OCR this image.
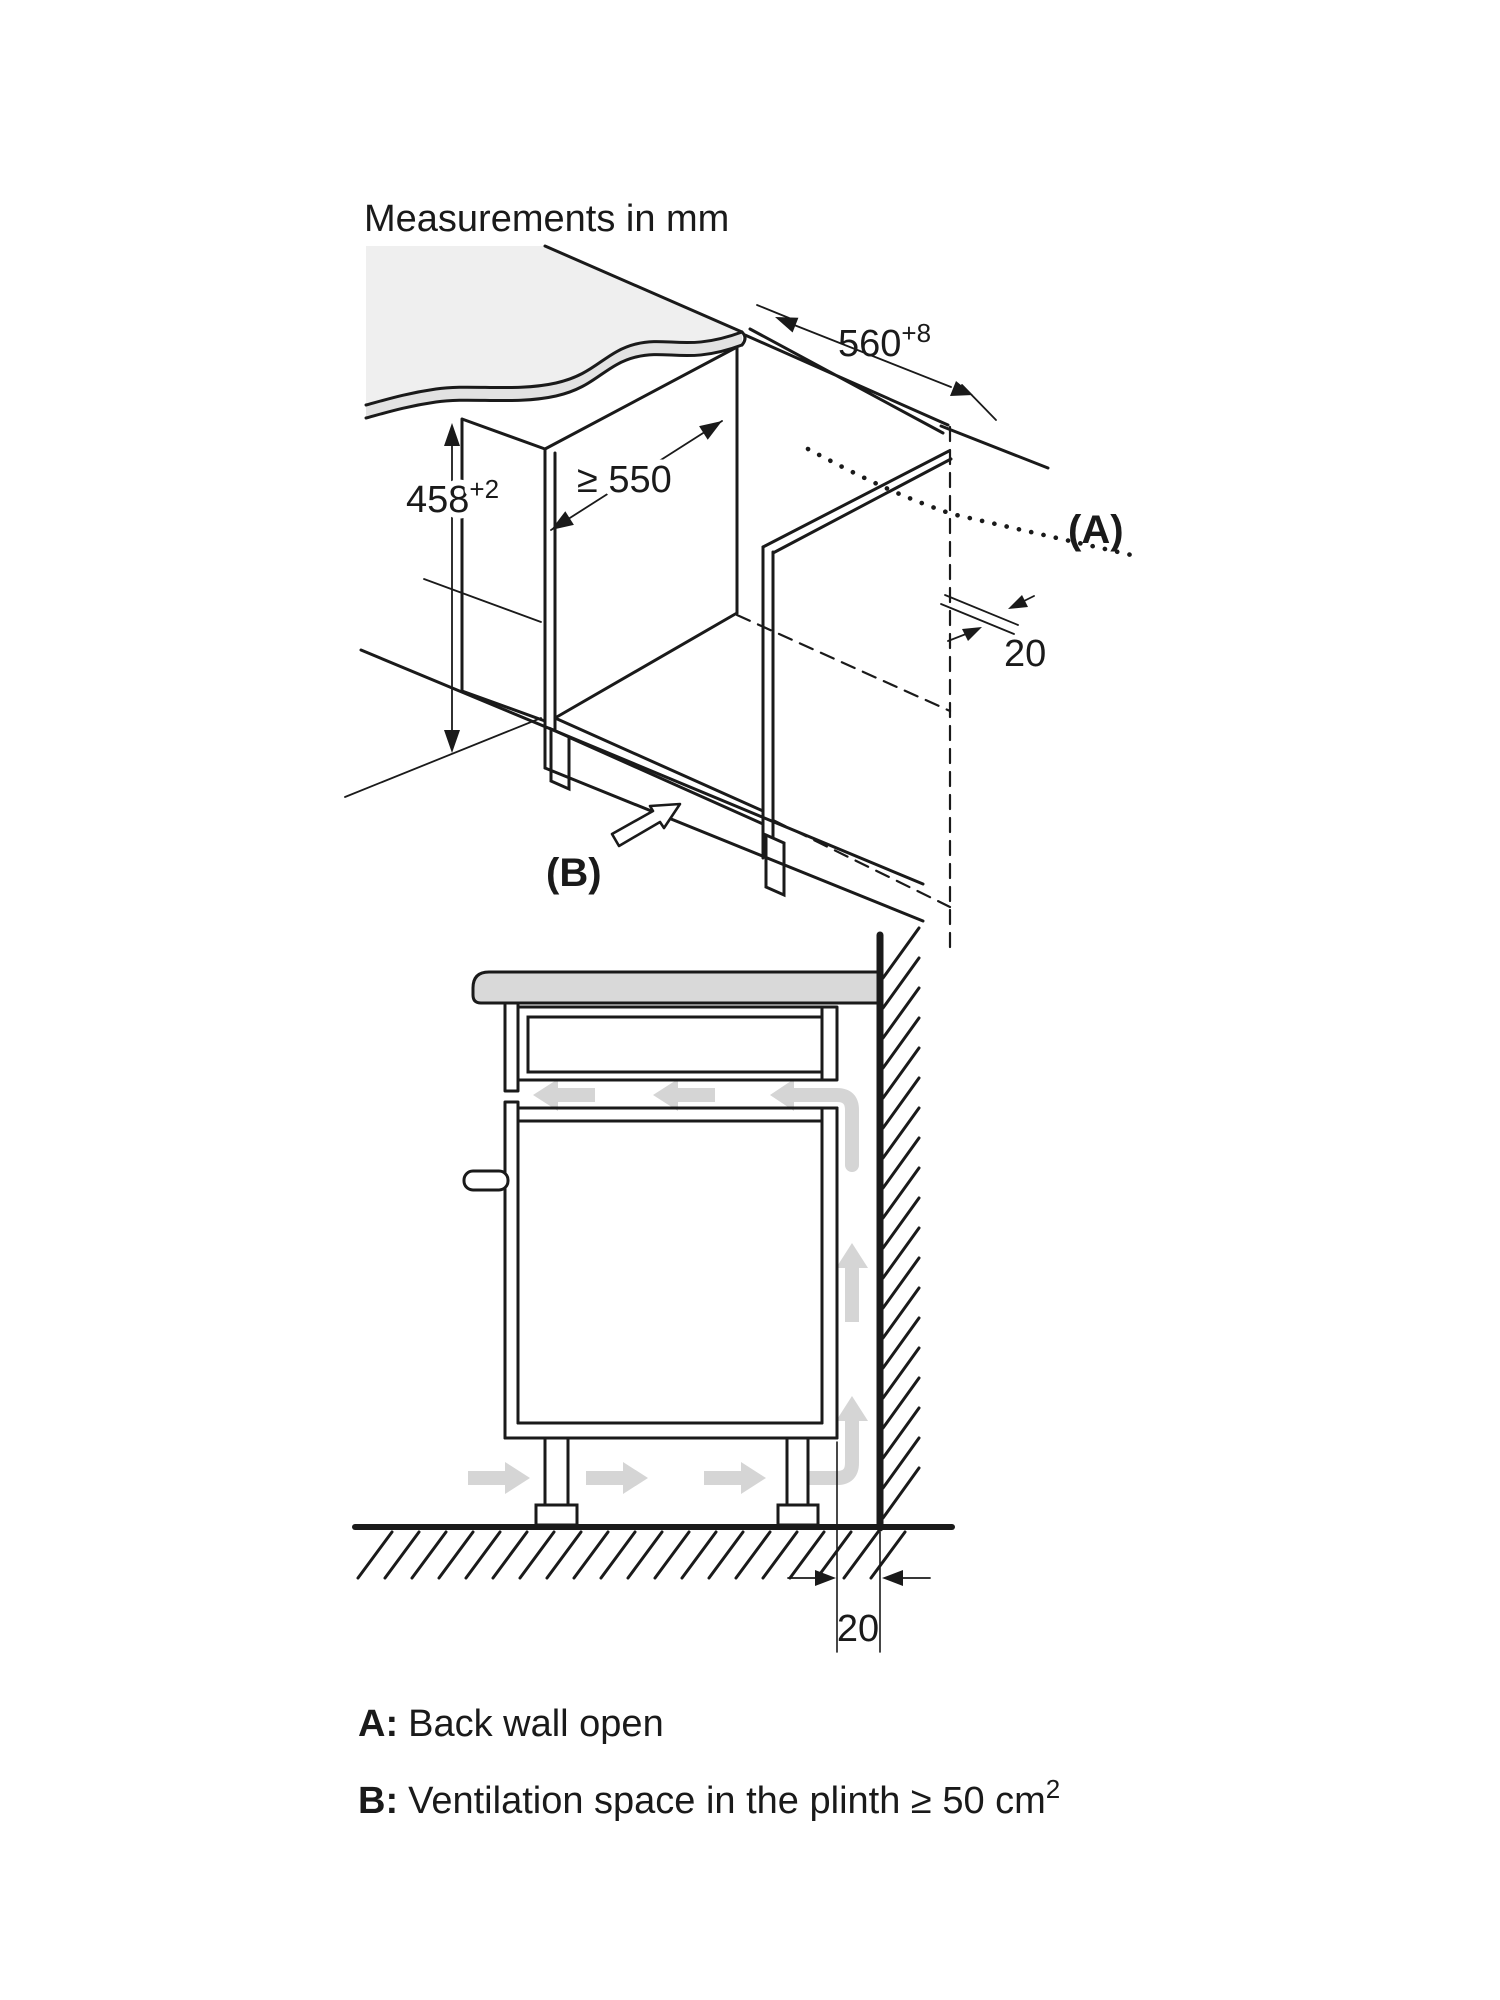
Measurements in mm
(A)
$560^{+8}$
≥ 550
$458^{+2}$
20
(B)
20
A: Back wall open
B: Ventilation space in the plinth ≥ 50 $cm^2$
